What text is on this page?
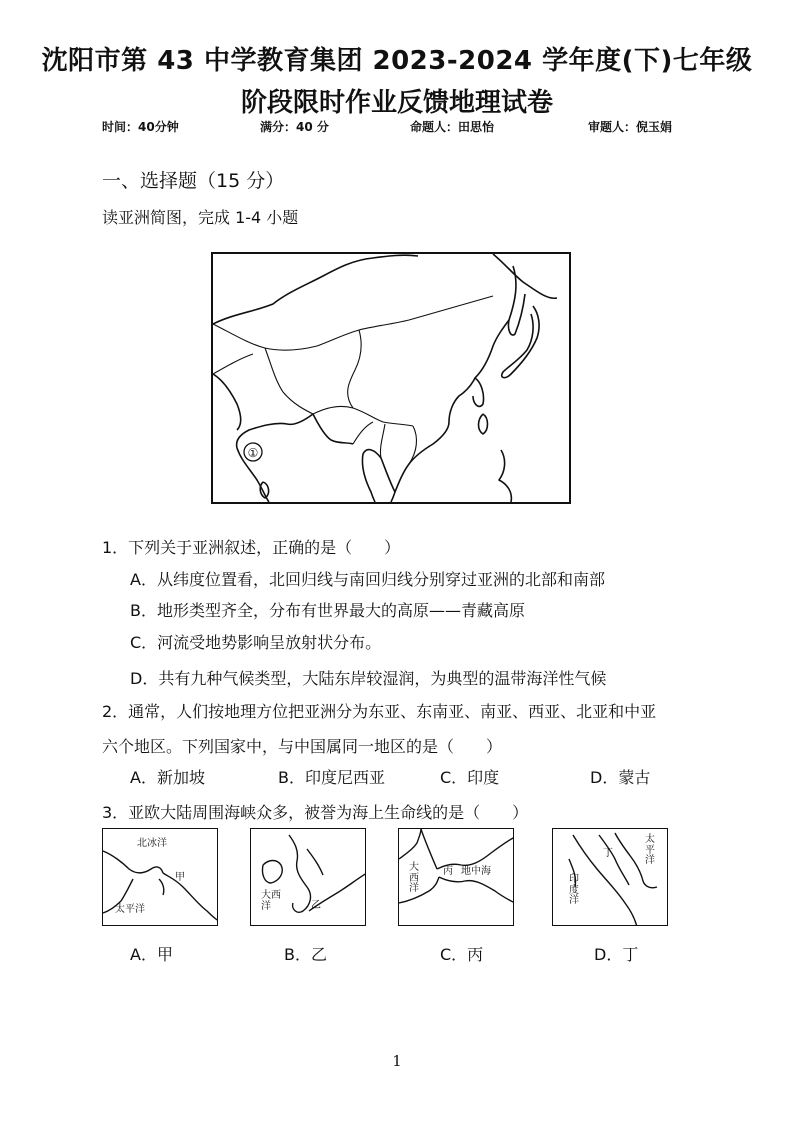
沈阳市第 43 中学教育集团 2023-2024 学年度(下)七年级
阶段限时作业反馈地理试卷
时间：40分钟	满分：40 分	命题人：田思怡	审题人：倪玉娟
一、选择题（15 分）
读亚洲简图，完成 1-4 小题
①
1．下列关于亚洲叙述，正确的是（　　）
A．从纬度位置看，北回归线与南回归线分别穿过亚洲的北部和南部
B．地形类型齐全，分布有世界最大的高原——青藏高原
C．河流受地势影响呈放射状分布。
D．共有九种气候类型，大陆东岸较湿润，为典型的温带海洋性气候
2．通常，人们按地理方位把亚洲分为东亚、东南亚、南亚、西亚、北亚和中亚
六个地区。下列国家中，与中国属同一地区的是（　　）
A．新加坡	B．印度尼西亚	C．印度	D．蒙古
3．亚欧大陆周围海峡众多，被誉为海上生命线的是（　　）
北冰洋
甲
太平洋
大西洋	乙
大西洋
丙 地中海
太平洋
丁
印度洋
A．甲	B．乙	C．丙	D．丁
1
